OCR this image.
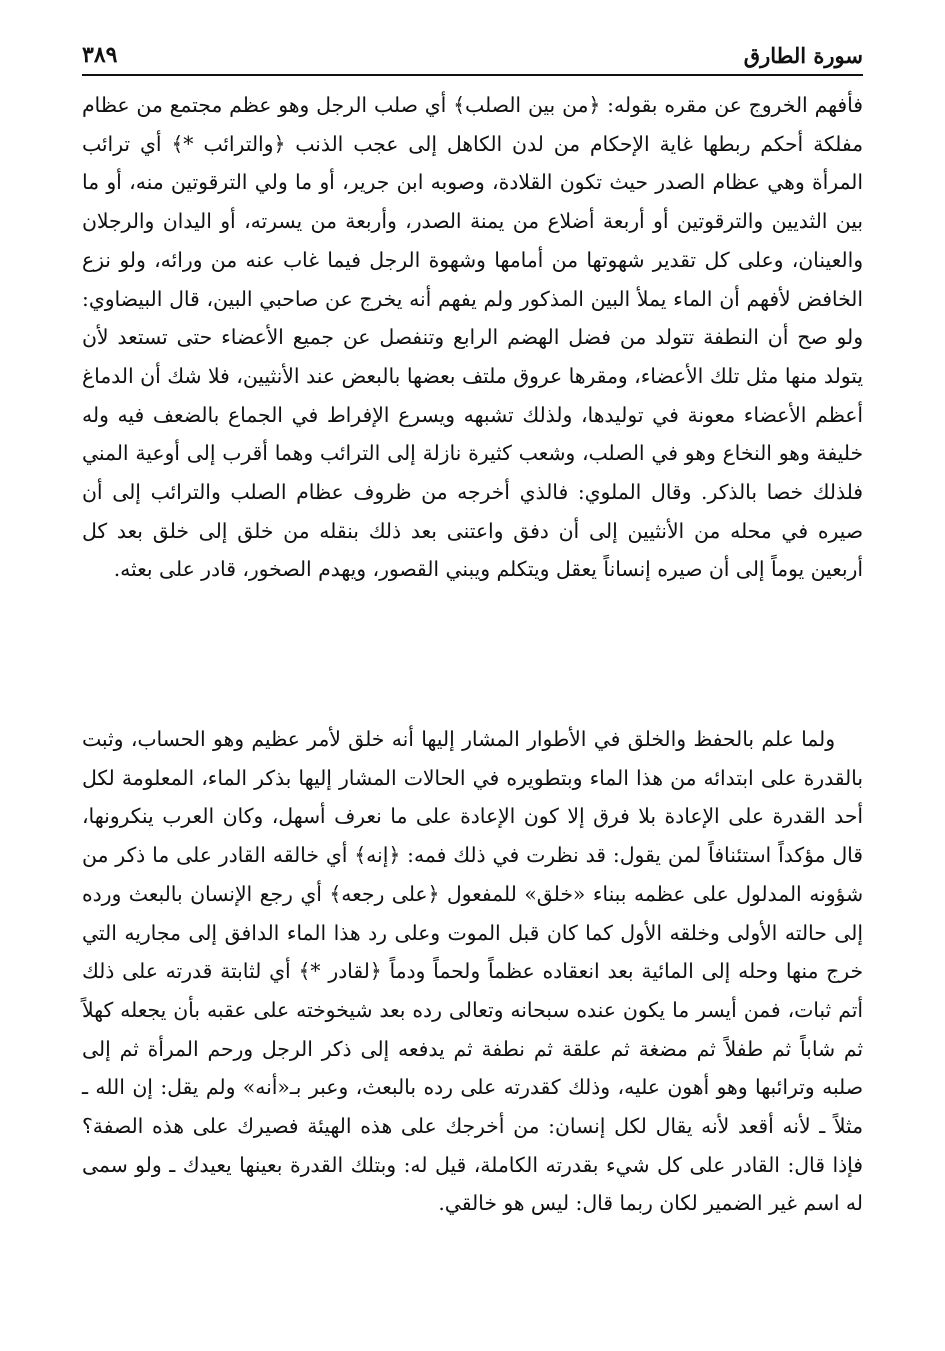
سورة الطارق
٣٨٩
فأفهم الخروج عن مقره بقوله: ﴿من بين الصلب﴾ أي صلب الرجل وهو عظم مجتمع من عظام مفلكة أحكم ربطها غاية الإحكام من لدن الكاهل إلى عجب الذنب ﴿والترائب *﴾ أي ترائب المرأة وهي عظام الصدر حيث تكون القلادة، وصوبه ابن جرير، أو ما ولي الترقوتين منه، أو ما بين الثديين والترقوتين أو أربعة أضلاع من يمنة الصدر، وأربعة من يسرته، أو اليدان والرجلان والعينان، وعلى كل تقدير شهوتها من أمامها وشهوة الرجل فيما غاب عنه من ورائه، ولو نزع الخافض لأفهم أن الماء يملأ البين المذكور ولم يفهم أنه يخرج عن صاحبي البين، قال البيضاوي: ولو صح أن النطفة تتولد من فضل الهضم الرابع وتنفصل عن جميع الأعضاء حتى تستعد لأن يتولد منها مثل تلك الأعضاء، ومقرها عروق ملتف بعضها بالبعض عند الأنثيين، فلا شك أن الدماغ أعظم الأعضاء معونة في توليدها، ولذلك تشبهه ويسرع الإفراط في الجماع بالضعف فيه وله خليفة وهو النخاع وهو في الصلب، وشعب كثيرة نازلة إلى الترائب وهما أقرب إلى أوعية المني فلذلك خصا بالذكر. وقال الملوي: فالذي أخرجه من ظروف عظام الصلب والترائب إلى أن صيره في محله من الأنثيين إلى أن دفق واعتنى بعد ذلك بنقله من خلق إلى خلق بعد كل أربعين يوماً إلى أن صيره إنساناً يعقل ويتكلم ويبني القصور، ويهدم الصخور، قادر على بعثه.
ولما علم بالحفظ والخلق في الأطوار المشار إليها أنه خلق لأمر عظيم وهو الحساب، وثبت بالقدرة على ابتدائه من هذا الماء وبتطويره في الحالات المشار إليها بذكر الماء، المعلومة لكل أحد القدرة على الإعادة بلا فرق إلا كون الإعادة على ما نعرف أسهل، وكان العرب ينكرونها، قال مؤكداً استئنافاً لمن يقول: قد نظرت في ذلك فمه: ﴿إنه﴾ أي خالقه القادر على ما ذكر من شؤونه المدلول على عظمه ببناء «خلق» للمفعول ﴿على رجعه﴾ أي رجع الإنسان بالبعث ورده إلى حالته الأولى وخلقه الأول كما كان قبل الموت وعلى رد هذا الماء الدافق إلى مجاريه التي خرج منها وحله إلى المائية بعد انعقاده عظماً ولحماً ودماً ﴿لقادر *﴾ أي لثابتة قدرته على ذلك أتم ثبات، فمن أيسر ما يكون عنده سبحانه وتعالى رده بعد شيخوخته على عقبه بأن يجعله كهلاً ثم شاباً ثم طفلاً ثم مضغة ثم علقة ثم نطفة ثم يدفعه إلى ذكر الرجل ورحم المرأة ثم إلى صلبه وترائبها وهو أهون عليه، وذلك كقدرته على رده بالبعث، وعبر بـ«أنه» ولم يقل: إن الله ـ مثلاً ـ لأنه أقعد لأنه يقال لكل إنسان: من أخرجك على هذه الهيئة فصيرك على هذه الصفة؟ فإذا قال: القادر على كل شيء بقدرته الكاملة، قيل له: وبتلك القدرة بعينها يعيدك ـ ولو سمى له اسم غير الضمير لكان ربما قال: ليس هو خالقي.
